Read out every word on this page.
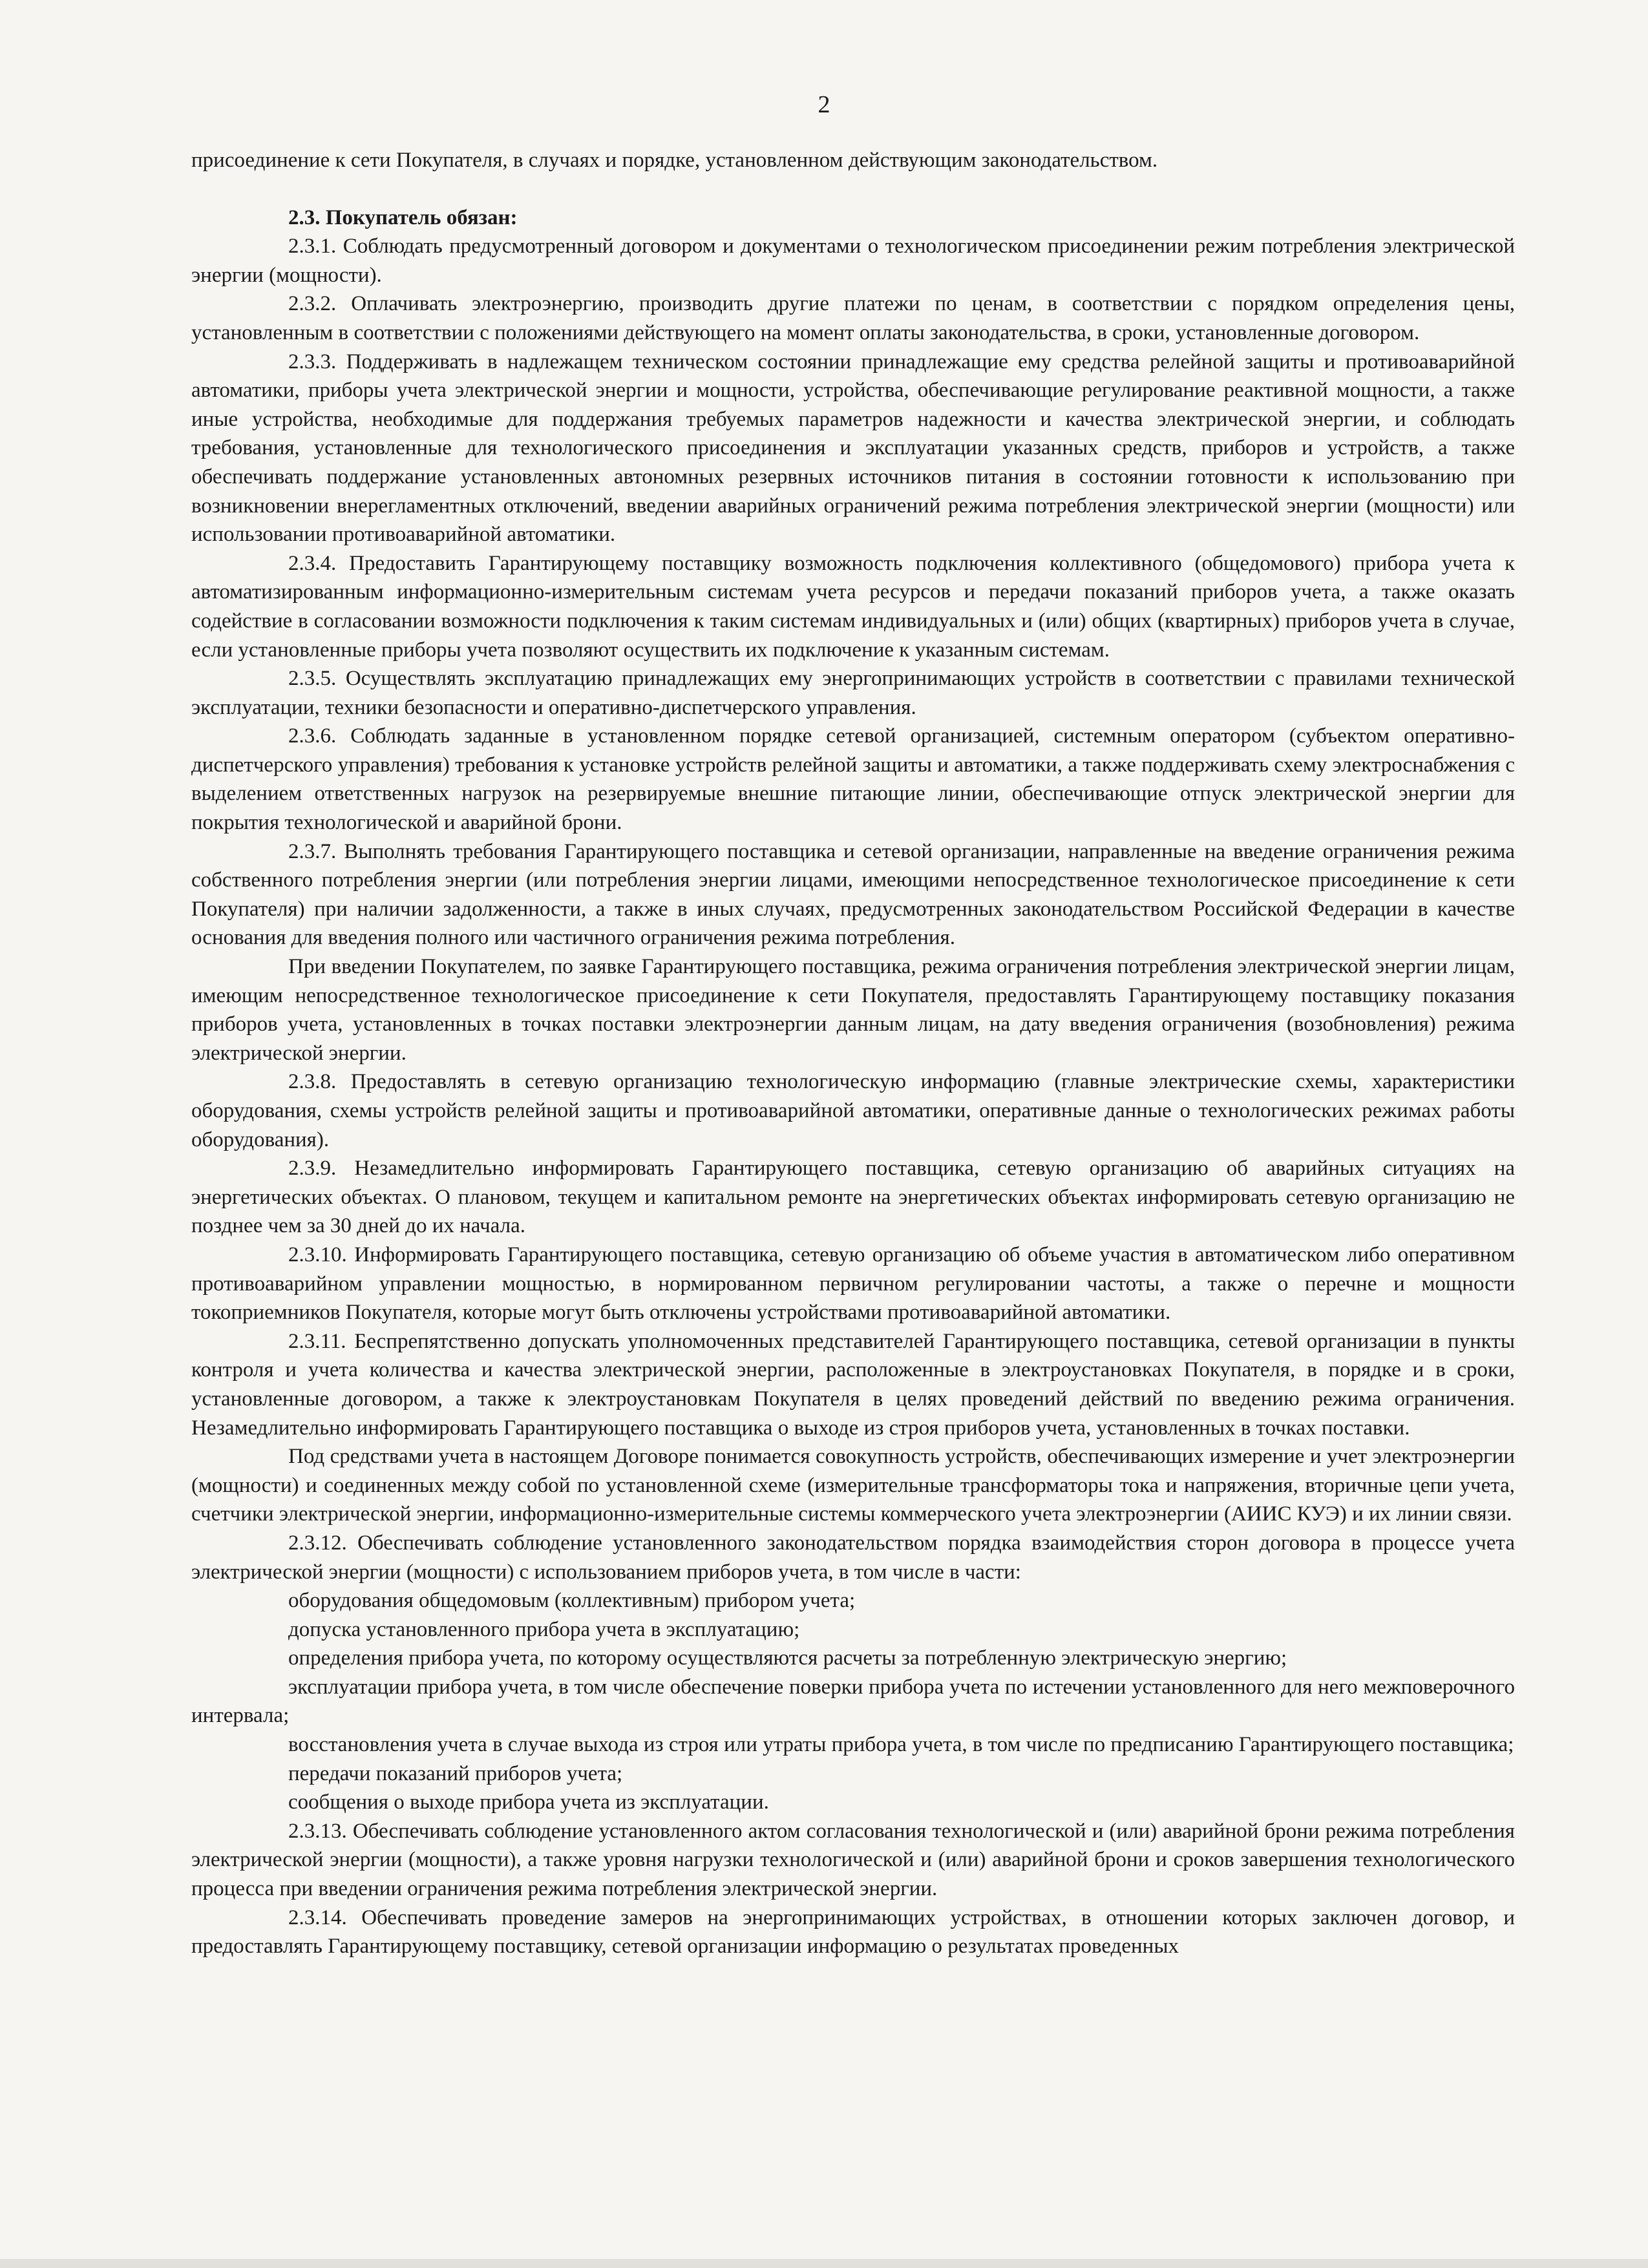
2

присоединение к сети Покупателя, в случаях и порядке, установленном действующим законодательством.

2.3. Покупатель обязан:

2.3.1. Соблюдать предусмотренный договором и документами о технологическом присоединении режим потребления электрической энергии (мощности).

2.3.2. Оплачивать электроэнергию, производить другие платежи по ценам, в соответствии с порядком определения цены, установленным в соответствии с положениями действующего на момент оплаты законодательства, в сроки, установленные договором.

2.3.3. Поддерживать в надлежащем техническом состоянии принадлежащие ему средства релейной защиты и противоаварийной автоматики, приборы учета электрической энергии и мощности, устройства, обеспечивающие регулирование реактивной мощности, а также иные устройства, необходимые для поддержания требуемых параметров надежности и качества электрической энергии, и соблюдать требования, установленные для технологического присоединения и эксплуатации указанных средств, приборов и устройств, а также обеспечивать поддержание установленных автономных резервных источников питания в состоянии готовности к использованию при возникновении внерегламентных отключений, введении аварийных ограничений режима потребления электрической энергии (мощности) или использовании противоаварийной автоматики.

2.3.4. Предоставить Гарантирующему поставщику возможность подключения коллективного (общедомового) прибора учета к автоматизированным информационно-измерительным системам учета ресурсов и передачи показаний приборов учета, а также оказать содействие в согласовании возможности подключения к таким системам индивидуальных и (или) общих (квартирных) приборов учета в случае, если установленные приборы учета позволяют осуществить их подключение к указанным системам.

2.3.5. Осуществлять эксплуатацию принадлежащих ему энергопринимающих устройств в соответствии с правилами технической эксплуатации, техники безопасности и оперативно-диспетчерского управления.

2.3.6. Соблюдать заданные в установленном порядке сетевой организацией, системным оператором (субъектом оперативно-диспетчерского управления) требования к установке устройств релейной защиты и автоматики, а также поддерживать схему электроснабжения с выделением ответственных нагрузок на резервируемые внешние питающие линии, обеспечивающие отпуск электрической энергии для покрытия технологической и аварийной брони.

2.3.7. Выполнять требования Гарантирующего поставщика и сетевой организации, направленные на введение ограничения режима собственного потребления энергии (или потребления энергии лицами, имеющими непосредственное технологическое присоединение к сети Покупателя) при наличии задолженности, а также в иных случаях, предусмотренных законодательством Российской Федерации в качестве основания для введения полного или частичного ограничения режима потребления.

При введении Покупателем, по заявке Гарантирующего поставщика, режима ограничения потребления электрической энергии лицам, имеющим непосредственное технологическое присоединение к сети Покупателя, предоставлять Гарантирующему поставщику показания приборов учета, установленных в точках поставки электроэнергии данным лицам, на дату введения ограничения (возобновления) режима электрической энергии.

2.3.8. Предоставлять в сетевую организацию технологическую информацию (главные электрические схемы, характеристики оборудования, схемы устройств релейной защиты и противоаварийной автоматики, оперативные данные о технологических режимах работы оборудования).

2.3.9. Незамедлительно информировать Гарантирующего поставщика, сетевую организацию об аварийных ситуациях на энергетических объектах. О плановом, текущем и капитальном ремонте на энергетических объектах информировать сетевую организацию не позднее чем за 30 дней до их начала.

2.3.10. Информировать Гарантирующего поставщика, сетевую организацию об объеме участия в автоматическом либо оперативном противоаварийном управлении мощностью, в нормированном первичном регулировании частоты, а также о перечне и мощности токоприемников Покупателя, которые могут быть отключены устройствами противоаварийной автоматики.

2.3.11. Беспрепятственно допускать уполномоченных представителей Гарантирующего поставщика, сетевой организации в пункты контроля и учета количества и качества электрической энергии, расположенные в электроустановках Покупателя, в порядке и в сроки, установленные договором, а также к электроустановкам Покупателя в целях проведений действий по введению режима ограничения. Незамедлительно информировать Гарантирующего поставщика о выходе из строя приборов учета, установленных в точках поставки.

Под средствами учета в настоящем Договоре понимается совокупность устройств, обеспечивающих измерение и учет электроэнергии (мощности) и соединенных между собой по установленной схеме (измерительные трансформаторы тока и напряжения, вторичные цепи учета, счетчики электрической энергии, информационно-измерительные системы коммерческого учета электроэнергии (АИИС КУЭ) и их линии связи.

2.3.12. Обеспечивать соблюдение установленного законодательством порядка взаимодействия сторон договора в процессе учета электрической энергии (мощности) с использованием приборов учета, в том числе в части:

оборудования общедомовым (коллективным) прибором учета;

допуска установленного прибора учета в эксплуатацию;

определения прибора учета, по которому осуществляются расчеты за потребленную электрическую энергию;

эксплуатации прибора учета, в том числе обеспечение поверки прибора учета по истечении установленного для него межповерочного интервала;

восстановления учета в случае выхода из строя или утраты прибора учета, в том числе по предписанию Гарантирующего поставщика;

передачи показаний приборов учета;

сообщения о выходе прибора учета из эксплуатации.

2.3.13. Обеспечивать соблюдение установленного актом согласования технологической и (или) аварийной брони режима потребления электрической энергии (мощности), а также уровня нагрузки технологической и (или) аварийной брони и сроков завершения технологического процесса при введении ограничения режима потребления электрической энергии.

2.3.14. Обеспечивать проведение замеров на энергопринимающих устройствах, в отношении которых заключен договор, и предоставлять Гарантирующему поставщику, сетевой организации информацию о результатах проведенных
